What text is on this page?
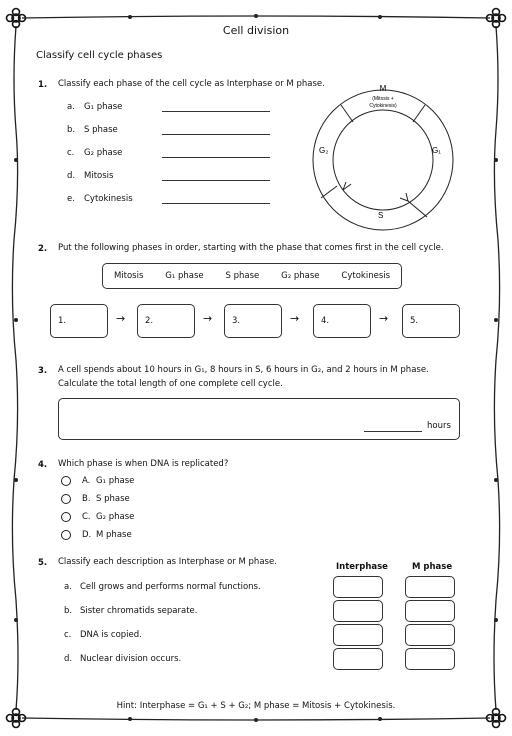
Cell division
Classify cell cycle phases
1. Classify each phase of the cell cycle as Interphase or M phase.
a. G₁ phase
b. S phase
c. G₂ phase
d. Mitosis
e. Cytokinesis
M
(Mitosis +
Cytokinesis)
G₂	G₁
S
2. Put the following phases in order, starting with the phase that comes first in the cell cycle.
Mitosis	G₁ phase	S phase	G₂ phase	Cytokinesis
1.	→ 2.	→ 3.	→	4.	→	5.
3. A cell spends about 10 hours in G₁, 8 hours in S, 6 hours in G₂, and 2 hours in M phase.
Calculate the total length of one complete cell cycle.
hours
4. Which phase is when DNA is replicated?
A. G₁ phase
B. S phase
C. G₂ phase
D. M phase
5. Classify each description as Interphase or M phase.	Interphase	M phase
a. Cell grows and performs normal functions.
b. Sister chromatids separate.
c. DNA is copied.
d. Nuclear division occurs.
Hint: Interphase = G₁ + S + G₂; M phase = Mitosis + Cytokinesis.
